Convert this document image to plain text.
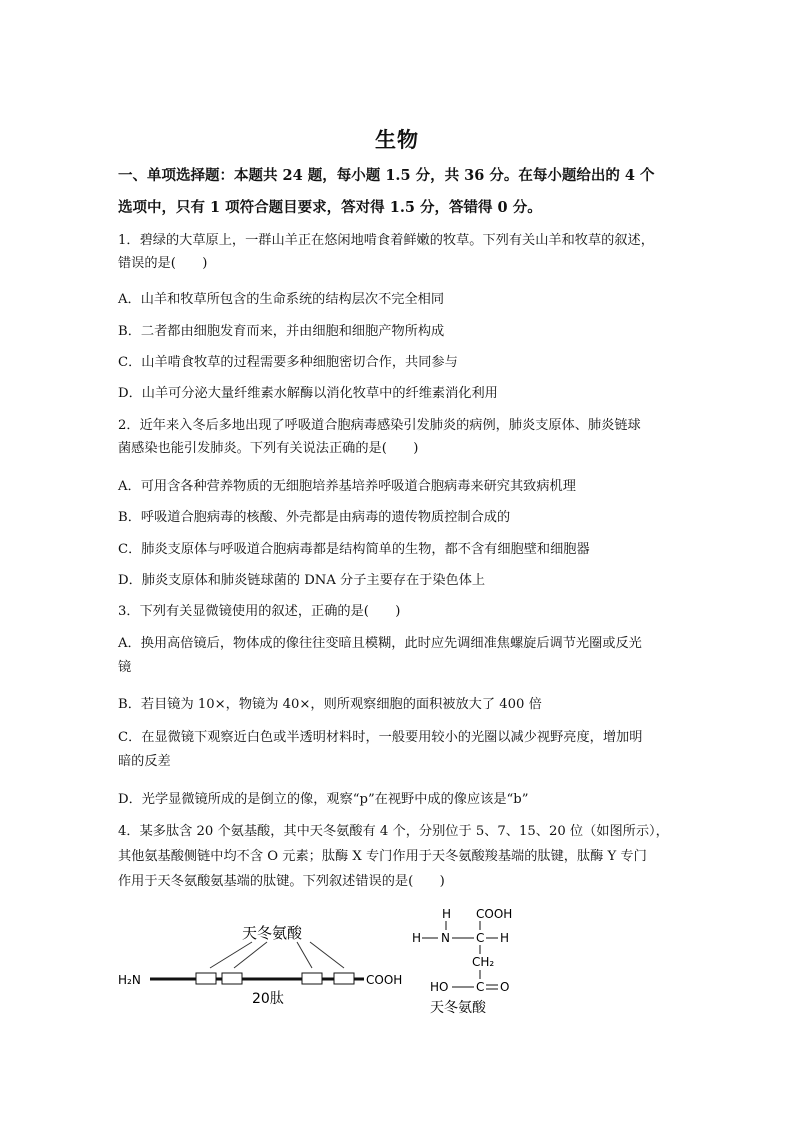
生物
一、单项选择题：本题共 24 题，每小题 1.5 分，共 36 分。在每小题给出的 4 个
选项中，只有 1 项符合题目要求，答对得 1.5 分，答错得 0 分。
1．碧绿的大草原上，一群山羊正在悠闲地啃食着鲜嫩的牧草。下列有关山羊和牧草的叙述，
错误的是(　　)
A．山羊和牧草所包含的生命系统的结构层次不完全相同
B．二者都由细胞发育而来，并由细胞和细胞产物所构成
C．山羊啃食牧草的过程需要多种细胞密切合作，共同参与
D．山羊可分泌大量纤维素水解酶以消化牧草中的纤维素消化利用
2．近年来入冬后多地出现了呼吸道合胞病毒感染引发肺炎的病例，肺炎支原体、肺炎链球
菌感染也能引发肺炎。下列有关说法正确的是(　　)
A．可用含各种营养物质的无细胞培养基培养呼吸道合胞病毒来研究其致病机理
B．呼吸道合胞病毒的核酸、外壳都是由病毒的遗传物质控制合成的
C．肺炎支原体与呼吸道合胞病毒都是结构简单的生物，都不含有细胞壁和细胞器
D．肺炎支原体和肺炎链球菌的 DNA 分子主要存在于染色体上
3．下列有关显微镜使用的叙述，正确的是(　　)
A．换用高倍镜后，物体成的像往往变暗且模糊，此时应先调细准焦螺旋后调节光圈或反光
镜
B．若目镜为 10×，物镜为 40×，则所观察细胞的面积被放大了 400 倍
C．在显微镜下观察近白色或半透明材料时，一般要用较小的光圈以减少视野亮度，增加明
暗的反差
D．光学显微镜所成的是倒立的像，观察“p”在视野中成的像应该是“b”
4．某多肽含 20 个氨基酸，其中天冬氨酸有 4 个，分别位于 5、7、15、20 位（如图所示），
其他氨基酸侧链中均不含 O 元素；肽酶 X 专门作用于天冬氨酸羧基端的肽键，肽酶 Y 专门
作用于天冬氨酸氨基端的肽键。下列叙述错误的是(　　)
天冬氨酸
H₂N	COOH
20肽
H COOH
H N C H
CH₂
HO C O
天冬氨酸
